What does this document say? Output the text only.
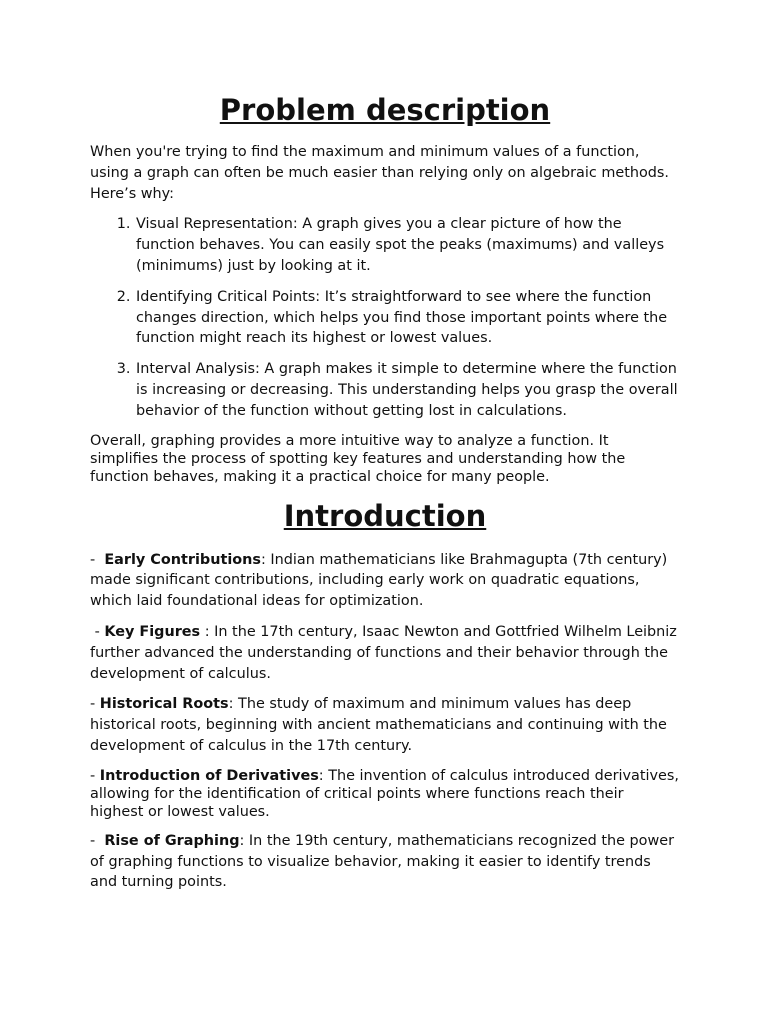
Problem description

When you're trying to find the maximum and minimum values of a function, using a graph can often be much easier than relying only on algebraic methods. Here’s why:

1. Visual Representation: A graph gives you a clear picture of how the function behaves. You can easily spot the peaks (maximums) and valleys (minimums) just by looking at it.
2. Identifying Critical Points: It’s straightforward to see where the function changes direction, which helps you find those important points where the function might reach its highest or lowest values.
3. Interval Analysis: A graph makes it simple to determine where the function is increasing or decreasing. This understanding helps you grasp the overall behavior of the function without getting lost in calculations.

Overall, graphing provides a more intuitive way to analyze a function. It simplifies the process of spotting key features and understanding how the function behaves, making it a practical choice for many people.

Introduction

-  Early Contributions: Indian mathematicians like Brahmagupta (7th century) made significant contributions, including early work on quadratic equations, which laid foundational ideas for optimization.

- Key Figures : In the 17th century, Isaac Newton and Gottfried Wilhelm Leibniz further advanced the understanding of functions and their behavior through the development of calculus.

- Historical Roots: The study of maximum and minimum values has deep historical roots, beginning with ancient mathematicians and continuing with the development of calculus in the 17th century.

- Introduction of Derivatives: The invention of calculus introduced derivatives, allowing for the identification of critical points where functions reach their highest or lowest values.

-  Rise of Graphing: In the 19th century, mathematicians recognized the power of graphing functions to visualize behavior, making it easier to identify trends and turning points.
